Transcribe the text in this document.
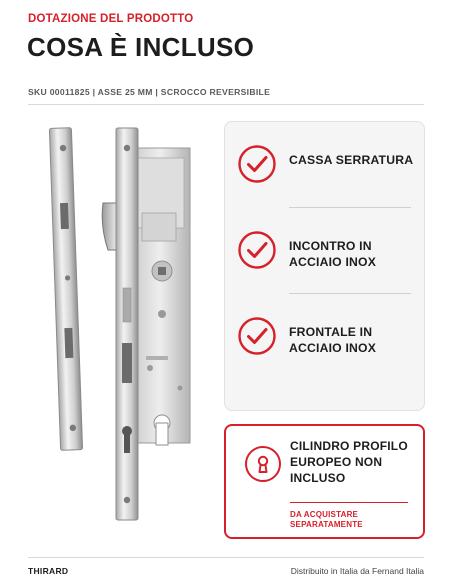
DOTAZIONE DEL PRODOTTO
COSA È INCLUSO
SKU 00011825 | ASSE 25 MM | SCROCCO REVERSIBILE
CASSA SERRATURA
INCONTRO IN ACCIAIO INOX
FRONTALE IN ACCIAIO INOX
CILINDRO PROFILO EUROPEO NON INCLUSO
DA ACQUISTARE SEPARATAMENTE
THIRARD	Distribuito in Italia da Fernand Italia
